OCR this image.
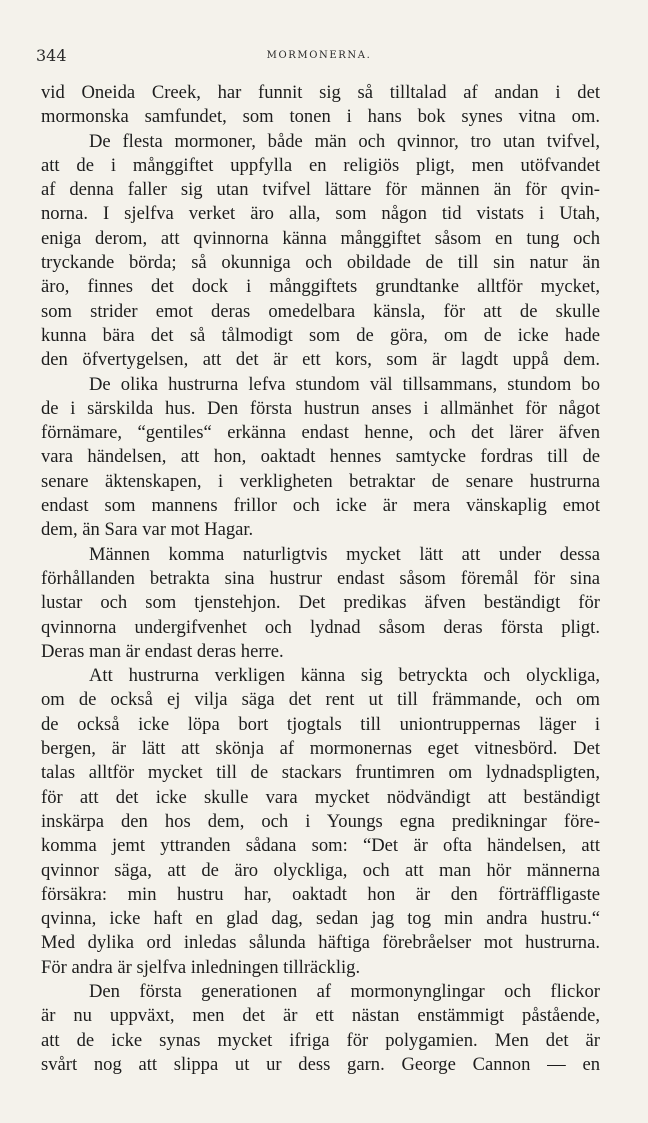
344	MORMONERNA.
vid Oneida Creek, har funnit sig så tilltalad af andan i det
mormonska samfundet, som tonen i hans bok synes vitna om.
De flesta mormoner, både män och qvinnor, tro utan tvifvel,
att de i månggiftet uppfylla en religiös pligt, men utöfvandet
af denna faller sig utan tvifvel lättare för männen än för qvin-
norna. I sjelfva verket äro alla, som någon tid vistats i Utah,
eniga derom, att qvinnorna känna månggiftet såsom en tung och
tryckande börda; så okunniga och obildade de till sin natur än
äro, finnes det dock i månggiftets grundtanke alltför mycket,
som strider emot deras omedelbara känsla, för att de skulle
kunna bära det så tålmodigt som de göra, om de icke hade
den öfvertygelsen, att det är ett kors, som är lagdt uppå dem.
De olika hustrurna lefva stundom väl tillsammans, stundom bo
de i särskilda hus. Den första hustrun anses i allmänhet för något
förnämare, “gentiles“ erkänna endast henne, och det lärer äfven
vara händelsen, att hon, oaktadt hennes samtycke fordras till de
senare äktenskapen, i verkligheten betraktar de senare hustrurna
endast som mannens frillor och icke är mera vänskaplig emot
dem, än Sara var mot Hagar.
Männen komma naturligtvis mycket lätt att under dessa
förhållanden betrakta sina hustrur endast såsom föremål för sina
lustar och som tjenstehjon. Det predikas äfven beständigt för
qvinnorna undergifvenhet och lydnad såsom deras första pligt.
Deras man är endast deras herre.
Att hustrurna verkligen känna sig betryckta och olyckliga,
om de också ej vilja säga det rent ut till främmande, och om
de också icke löpa bort tjogtals till uniontruppernas läger i
bergen, är lätt att skönja af mormonernas eget vitnesbörd. Det
talas alltför mycket till de stackars fruntimren om lydnadspligten,
för att det icke skulle vara mycket nödvändigt att beständigt
inskärpa den hos dem, och i Youngs egna predikningar före-
komma jemt yttranden sådana som: “Det är ofta händelsen, att
qvinnor säga, att de äro olyckliga, och att man hör männerna
försäkra: min hustru har, oaktadt hon är den förträffligaste
qvinna, icke haft en glad dag, sedan jag tog min andra hustru.“
Med dylika ord inledas sålunda häftiga förebråelser mot hustrurna.
För andra är sjelfva inledningen tillräcklig.
Den första generationen af mormonynglingar och flickor
är nu uppväxt, men det är ett nästan enstämmigt påstående,
att de icke synas mycket ifriga för polygamien. Men det är
svårt nog att slippa ut ur dess garn. George Cannon — en
